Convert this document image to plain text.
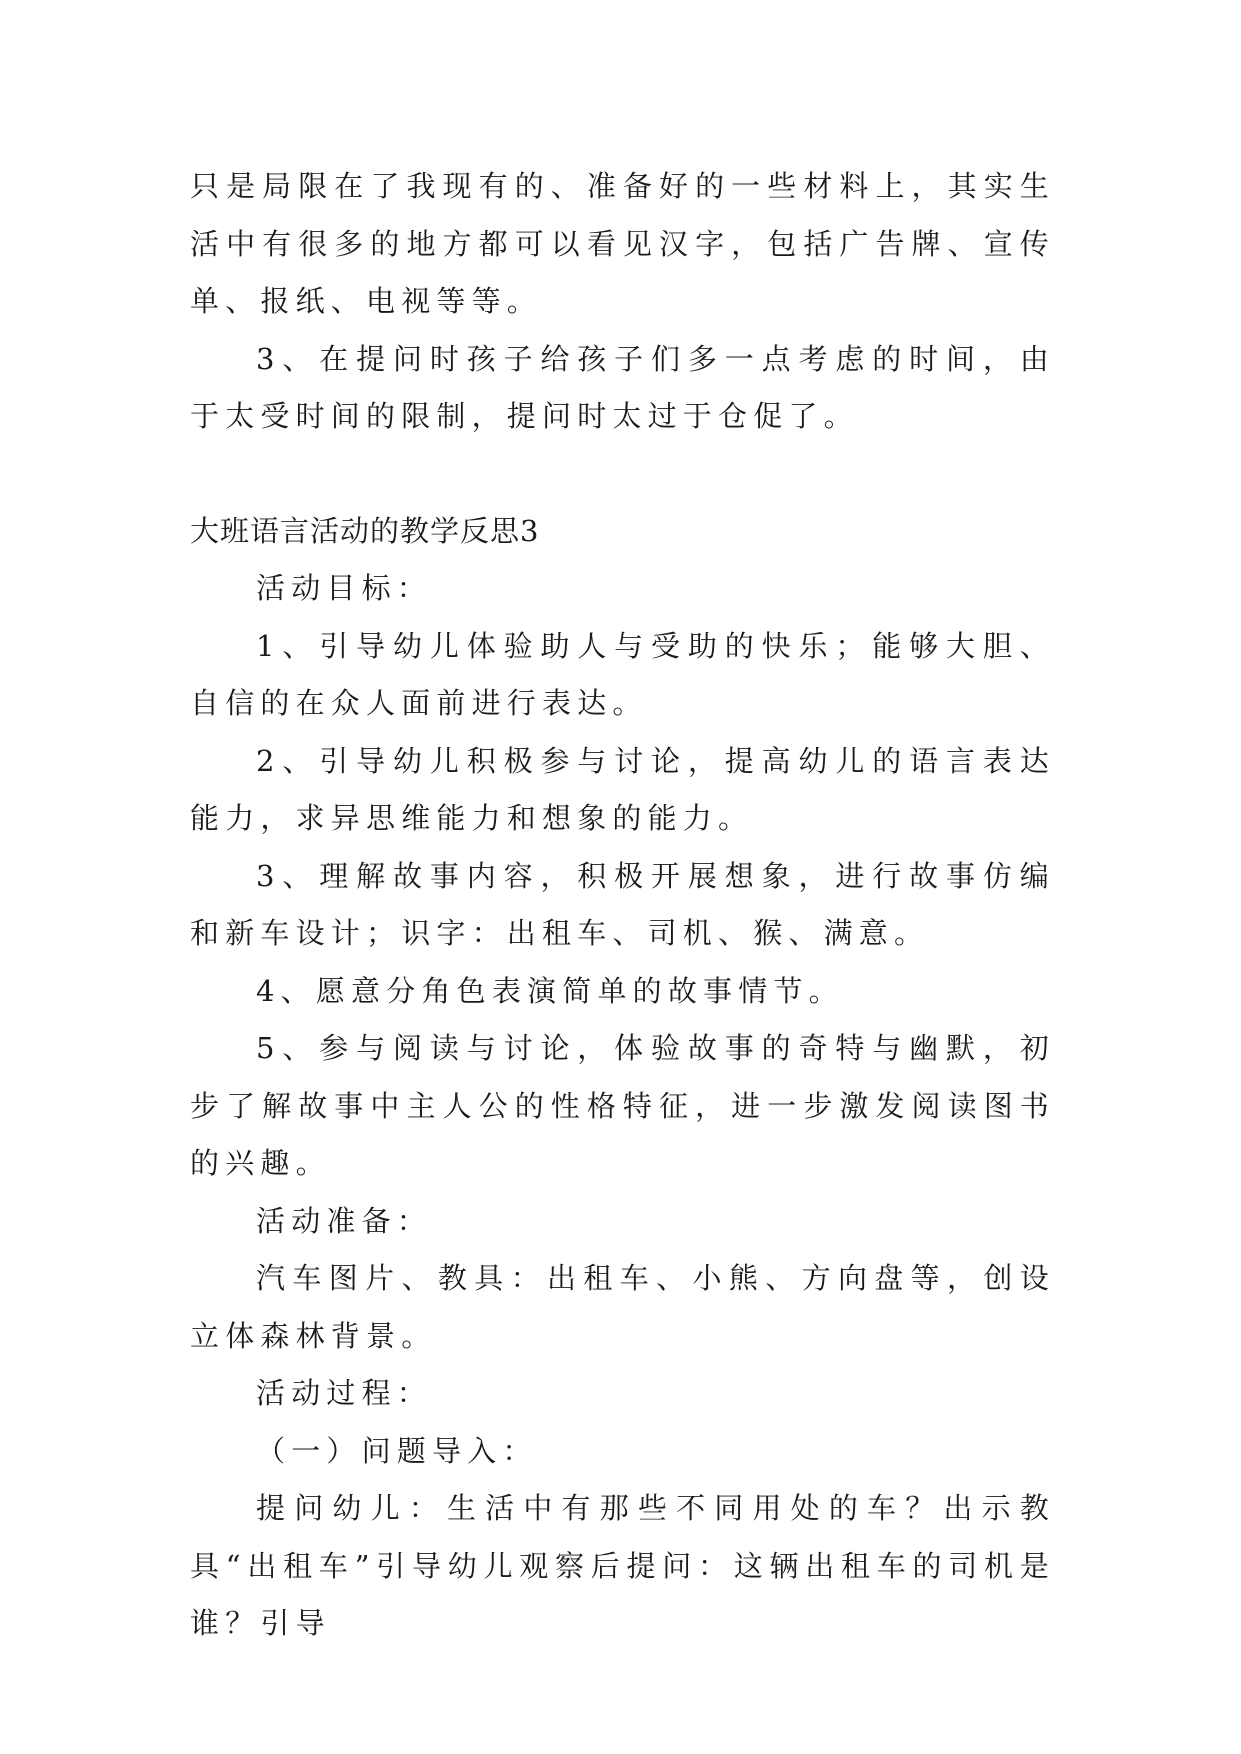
只是局限在了我现有的、准备好的一些材料上，其实生活中有很多的地方都可以看见汉字，包括广告牌、宣传单、报纸、电视等等。

3、在提问时孩子给孩子们多一点考虑的时间，由于太受时间的限制，提问时太过于仓促了。

大班语言活动的教学反思3

活动目标：

1、引导幼儿体验助人与受助的快乐；能够大胆、自信的在众人面前进行表达。

2、引导幼儿积极参与讨论，提高幼儿的语言表达能力，求异思维能力和想象的能力。

3、理解故事内容，积极开展想象，进行故事仿编和新车设计；识字：出租车、司机、猴、满意。

4、愿意分角色表演简单的故事情节。

5、参与阅读与讨论，体验故事的奇特与幽默，初步了解故事中主人公的性格特征，进一步激发阅读图书的兴趣。

活动准备：

汽车图片、教具：出租车、小熊、方向盘等，创设立体森林背景。

活动过程：

（一）问题导入：

提问幼儿：生活中有那些不同用处的车？出示教具“出租车”引导幼儿观察后提问：这辆出租车的司机是谁？引导
